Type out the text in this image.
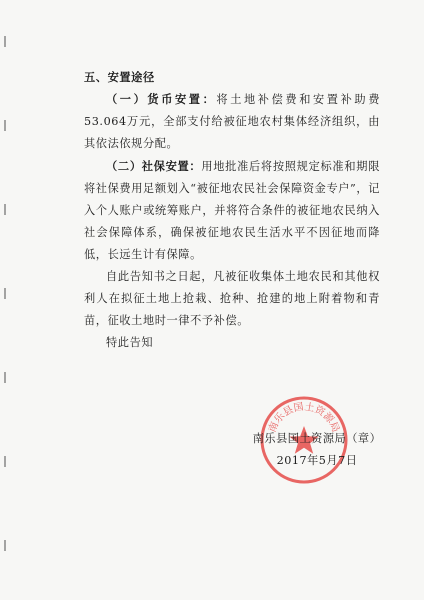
五、安置途径

（一）货币安置：将土地补偿费和安置补助费53.064万元，全部支付给被征地农村集体经济组织，由其依法依规分配。

（二）社保安置：用地批准后将按照规定标准和期限将社保费用足额划入“被征地农民社会保障资金专户”，记入个人账户或统筹账户，并将符合条件的被征地农民纳入社会保障体系，确保被征地农民生活水平不因征地而降低，长远生计有保障。

自此告知书之日起，凡被征收集体土地农民和其他权利人在拟征土地上抢栽、抢种、抢建的地上附着物和青苗，征收土地时一律不予补偿。

特此告知

南乐县国土资源局
南乐县国土资源局（章）
2017年5月7日
